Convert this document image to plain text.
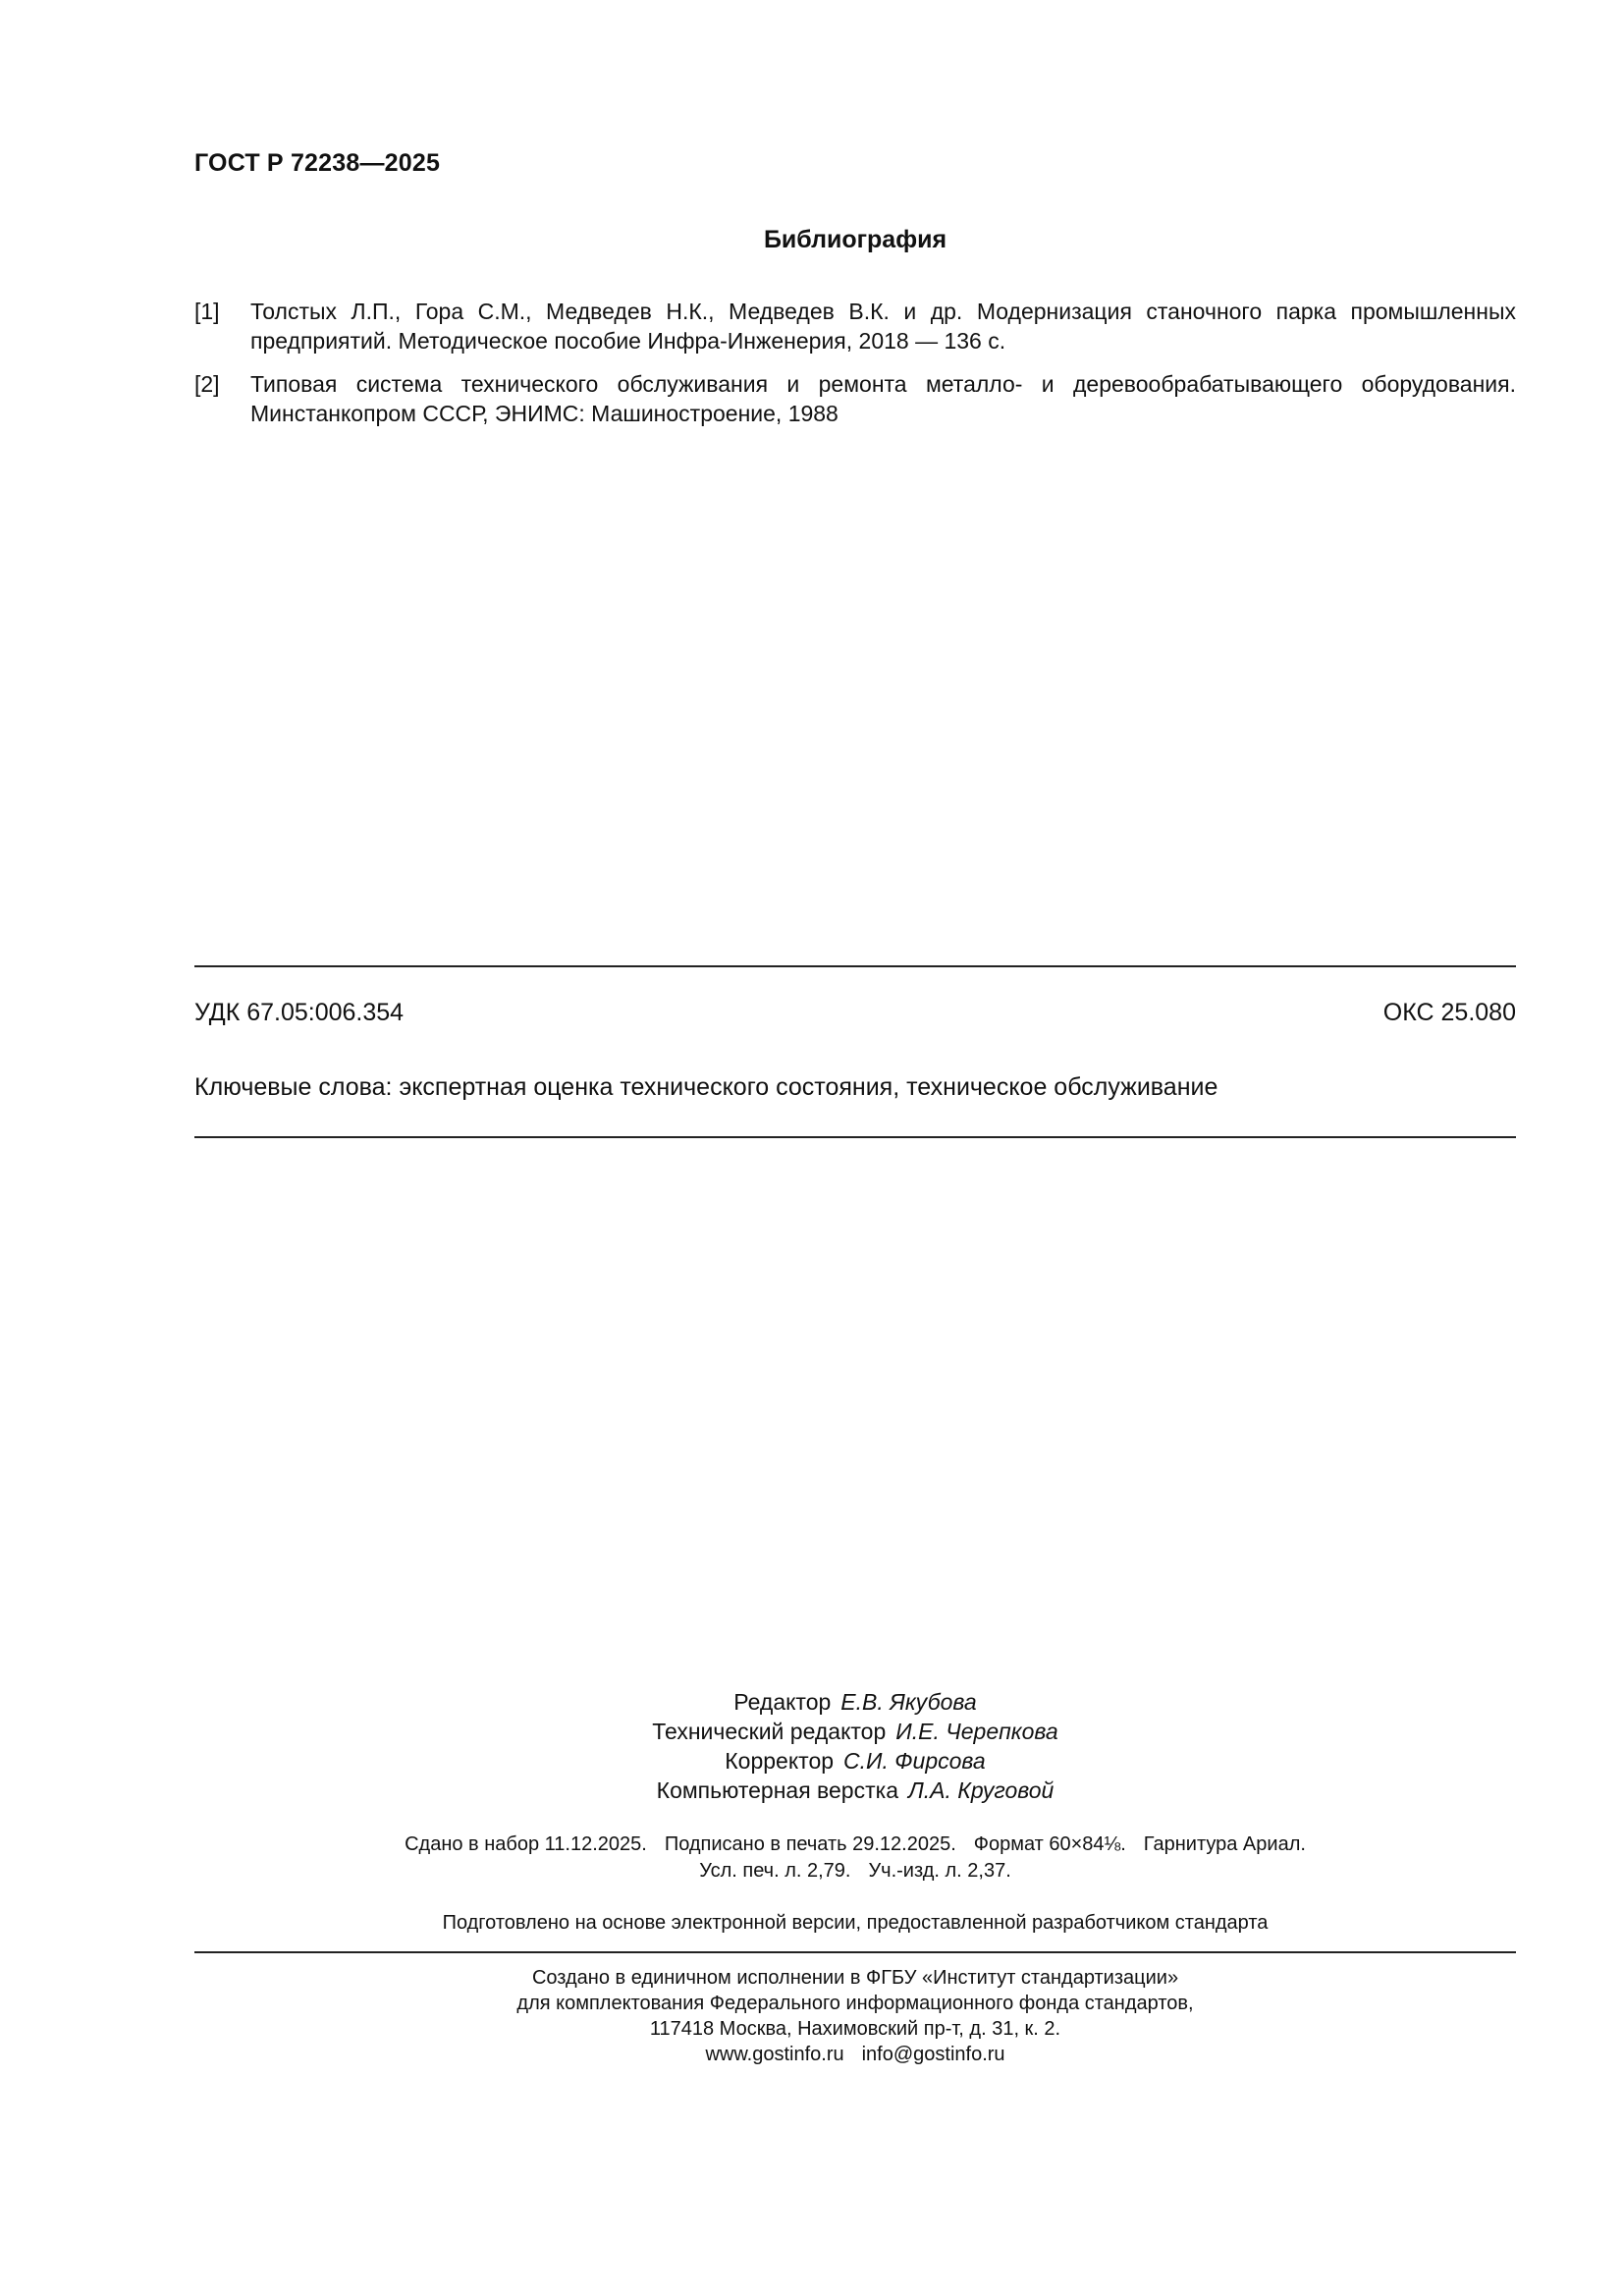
ГОСТ Р 72238—2025
Библиография
[1] Толстых Л.П., Гора С.М., Медведев Н.К., Медведев В.К. и др. Модернизация станочного парка промышленных
предприятий. Методическое пособие Инфра-Инженерия, 2018 — 136 с.
[2] Типовая система технического обслуживания и ремонта металло- и деревообрабатывающего оборудования.
Минстанкопром СССР, ЭНИМС: Машиностроение, 1988
УДК 67.05:006.354	ОКС 25.080
Ключевые слова: экспертная оценка технического состояния, техническое обслуживание
Редактор Е.В. Якубова
Технический редактор И.Е. Черепкова
Корректор С.И. Фирсова
Компьютерная верстка Л.А. Круговой
Сдано в набор 11.12.2025. Подписано в печать 29.12.2025. Формат 60×84⅛. Гарнитура Ариал.
Усл. печ. л. 2,79. Уч.-изд. л. 2,37.
Подготовлено на основе электронной версии, предоставленной разработчиком стандарта
Создано в единичном исполнении в ФГБУ «Институт стандартизации»
для комплектования Федерального информационного фонда стандартов,
117418 Москва, Нахимовский пр-т, д. 31, к. 2.
www.gostinfo.ru info@gostinfo.ru
